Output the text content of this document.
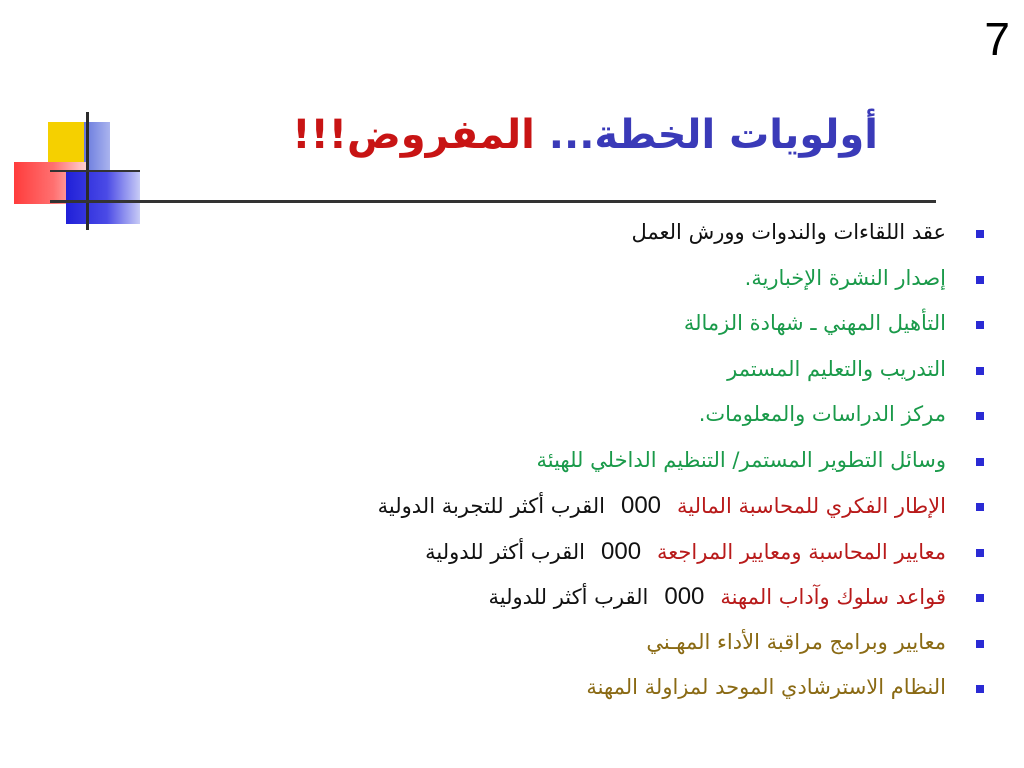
7
أولويات الخطة... المفروض!!!
عقد اللقاءات والندوات وورش العمل
إصدار النشرة الإخبارية.
التأهيل المهني ـ شهادة الزمالة
التدريب والتعليم المستمر
مركز الدراسات والمعلومات.
وسائل التطوير المستمر/ التنظيم الداخلي للهيئة
الإطار الفكري للمحاسبة المالية000القرب أكثر للتجربة الدولية
معايير المحاسبة ومعايير المراجعة000القرب أكثر للدولية
قواعد سلوك وآداب المهنة000القرب أكثر للدولية
معايير وبرامج مراقبة الأداء المهـني
النظام الاسترشادي الموحد لمزاولة المهنة
